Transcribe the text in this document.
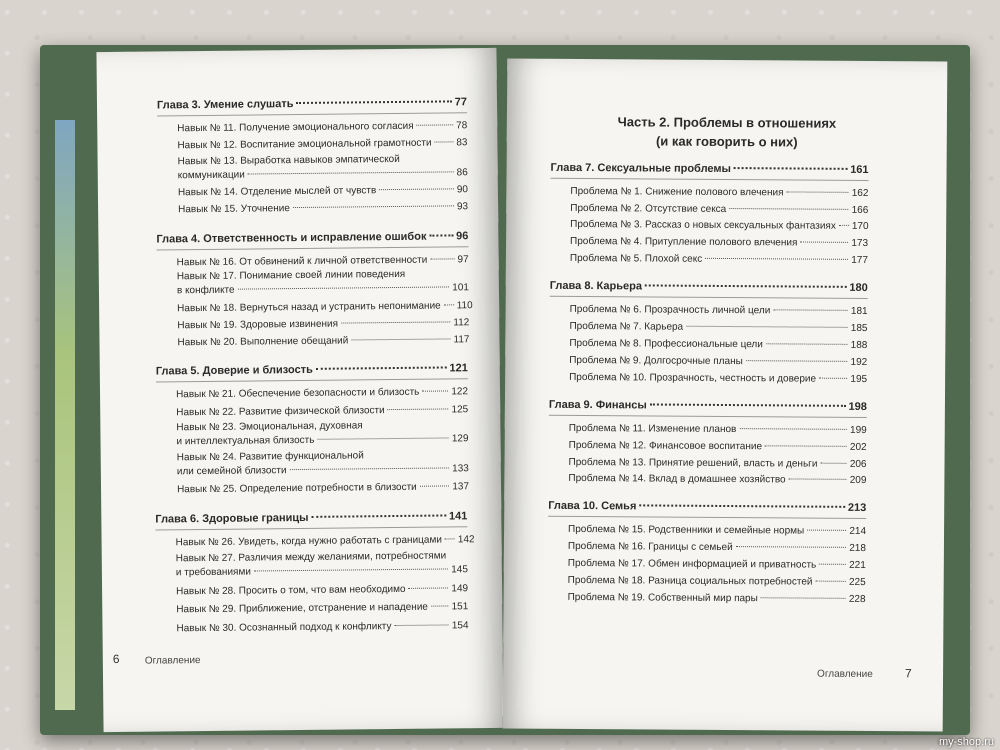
Глава 3. Умение слушать	77
Навык № 11. Получение эмоционального согласия	78
Навык № 12. Воспитание эмоциональной грамотности 83
Навык № 13. Выработка навыков эмпатической
коммуникации	86
Навык № 14. Отделение мыслей от чувств	90
Навык № 15. Уточнение	93
Глава 4. Ответственность и исправление ошибок	96
Навык № 16. От обвинений к личной ответственности	97
Навык № 17. Понимание своей линии поведения
в конфликте	101
Навык № 18. Вернуться назад и устранить непонимание 110
Навык № 19. Здоровые извинения	112
Навык № 20. Выполнение обещаний	117
Глава 5. Доверие и близость	121
Навык № 21. Обеспечение безопасности и близость	122
Навык № 22. Развитие физической близости	125
Навык № 23. Эмоциональная, духовная
и интеллектуальная близость	129
Навык № 24. Развитие функциональной
или семейной близости	133
Навык № 25. Определение потребности в близости	137
Глава 6. Здоровые границы	141
Навык № 26. Увидеть, когда нужно работать с границами 142
Навык № 27. Различия между желаниями, потребностями
и требованиями	145
Навык № 28. Просить о том, что вам необходимо	149
Навык № 29. Приближение, отстранение и нападение 151
Навык № 30. Осознанный подход к конфликту	154
6	Оглавление
Часть 2. Проблемы в отношениях
(и как говорить о них)
Глава 7. Сексуальные проблемы	161
Проблема № 1. Снижение полового влечения	162
Проблема № 2. Отсутствие секса	166
Проблема № 3. Рассказ о новых сексуальных фантазиях 170
Проблема № 4. Притупление полового влечения	173
Проблема № 5. Плохой секс	177
Глава 8. Карьера	180
Проблема № 6. Прозрачность личной цели	181
Проблема № 7. Карьера	185
Проблема № 8. Профессиональные цели	188
Проблема № 9. Долгосрочные планы	192
Проблема № 10. Прозрачность, честность и доверие	195
Глава 9. Финансы	198
Проблема № 11. Изменение планов	199
Проблема № 12. Финансовое воспитание	202
Проблема № 13. Принятие решений, власть и деньги	206
Проблема № 14. Вклад в домашнее хозяйство	209
Глава 10. Семья	213
Проблема № 15. Родственники и семейные нормы	214
Проблема № 16. Границы с семьей	218
Проблема № 17. Обмен информацией и приватность	221
Проблема № 18. Разница социальных потребностей	225
Проблема № 19. Собственный мир пары	228
Оглавление	7
my-shop.ru
